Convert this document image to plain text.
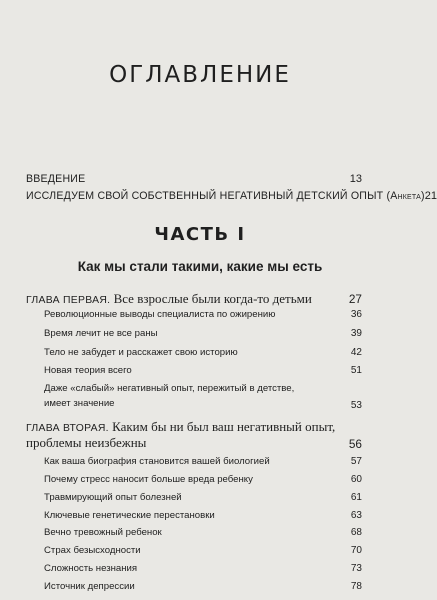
ОГЛАВЛЕНИЕ
ВВЕДЕНИЕ	13
ИССЛЕДУЕМ СВОЙ СОБСТВЕННЫЙ НЕГАТИВНЫЙ ДЕТСКИЙ ОПЫТ (Анкета) 21
ЧАСТЬ I
Как мы стали такими, какие мы есть
ГЛАВА ПЕРВАЯ. Все взрослые были когда-то детьми	27
Революционные выводы специалиста по ожирению	36
Время лечит не все раны	39
Тело не забудет и расскажет свою историю	42
Новая теория всего	51
Даже «слабый» негативный опыт, пережитый в детстве,
имеет значение	53
ГЛАВА ВТОРАЯ. Каким бы ни был ваш негативный опыт,
проблемы неизбежны	56
Как ваша биография становится вашей биологией	57
Почему стресс наносит больше вреда ребенку	60
Травмирующий опыт болезней	61
Ключевые генетические перестановки	63
Вечно тревожный ребенок	68
Страх безысходности	70
Сложность незнания	73
Источник депрессии	78
